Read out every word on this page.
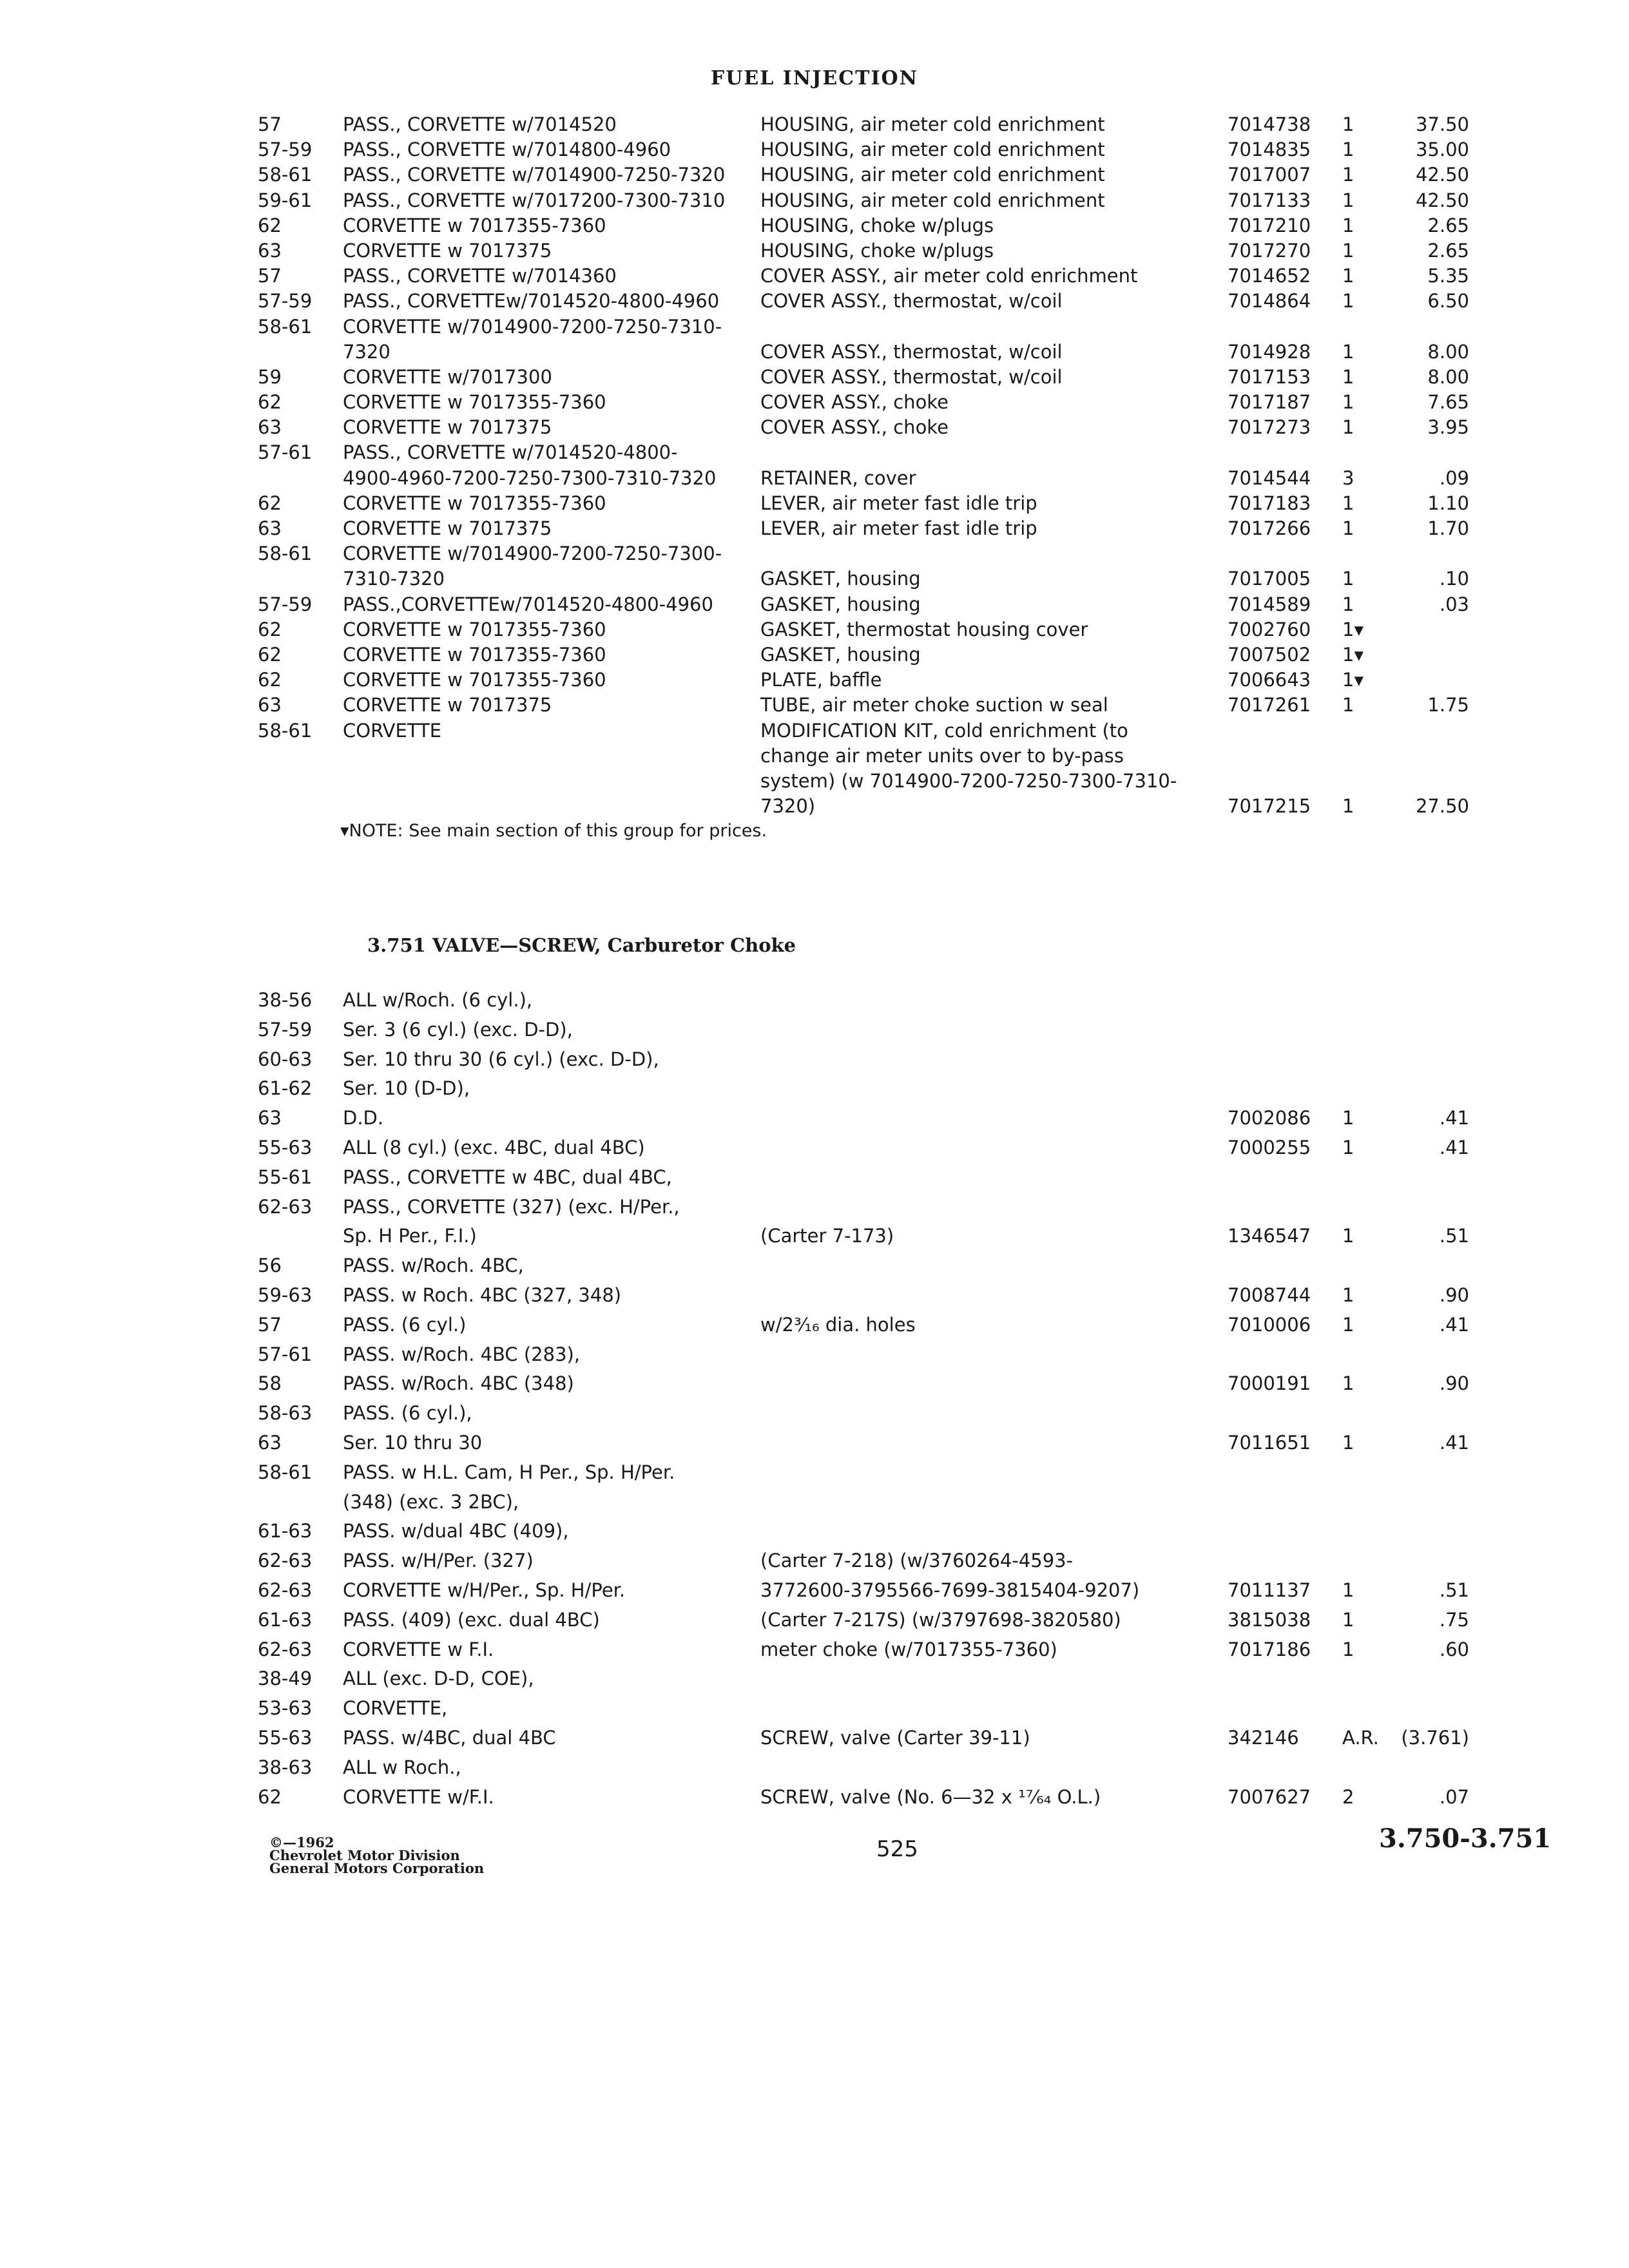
FUEL INJECTION
57	PASS., CORVETTE w/7014520	HOUSING, air meter cold enrichment	7014738 1	37.50
57-59 PASS., CORVETTE w/7014800-4960	HOUSING, air meter cold enrichment	7014835 1	35.00
58-61 PASS., CORVETTE w/7014900-7250-7320	HOUSING, air meter cold enrichment	7017007 1	42.50
59-61 PASS., CORVETTE w/7017200-7300-7310	HOUSING, air meter cold enrichment	7017133 1	42.50
62	CORVETTE w 7017355-7360	HOUSING, choke w/plugs	7017210 1	2.65
63	CORVETTE w 7017375	HOUSING, choke w/plugs	7017270 1	2.65
57	PASS., CORVETTE w/7014360	COVER ASSY., air meter cold enrichment	7014652 1	5.35
57-59 PASS., CORVETTEw/7014520-4800-4960	COVER ASSY., thermostat, w/coil	7014864 1	6.50
58-61 CORVETTE w/7014900-7200-7250-7310-
7320	COVER ASSY., thermostat, w/coil	7014928 1	8.00
59	CORVETTE w/7017300	COVER ASSY., thermostat, w/coil	7017153 1	8.00
62	CORVETTE w 7017355-7360	COVER ASSY., choke	7017187 1	7.65
63	CORVETTE w 7017375	COVER ASSY., choke	7017273 1	3.95
57-61 PASS., CORVETTE w/7014520-4800-
4900-4960-7200-7250-7300-7310-7320	RETAINER, cover	7014544 3	.09
62	CORVETTE w 7017355-7360	LEVER, air meter fast idle trip	7017183 1	1.10
63	CORVETTE w 7017375	LEVER, air meter fast idle trip	7017266 1	1.70
58-61 CORVETTE w/7014900-7200-7250-7300-
7310-7320	GASKET, housing	7017005 1	.10
57-59 PASS.,CORVETTEw/7014520-4800-4960	GASKET, housing	7014589 1	.03
62	CORVETTE w 7017355-7360	GASKET, thermostat housing cover	7002760 1▾
62	CORVETTE w 7017355-7360	GASKET, housing	7007502 1▾
62	CORVETTE w 7017355-7360	PLATE, baffle	7006643 1▾
63	CORVETTE w 7017375	TUBE, air meter choke suction w seal	7017261 1	1.75
58-61 CORVETTE	MODIFICATION KIT, cold enrichment (to
change air meter units over to by-pass
system) (w 7014900-7200-7250-7300-7310-
7320)	7017215 1	27.50
▾NOTE: See main section of this group for prices.
3.751 VALVE—SCREW, Carburetor Choke
38-56 ALL w/Roch. (6 cyl.),
57-59 Ser. 3 (6 cyl.) (exc. D-D),
60-63 Ser. 10 thru 30 (6 cyl.) (exc. D-D),
61-62 Ser. 10 (D-D),
63	D.D.	7002086 1	.41
55-63 ALL (8 cyl.) (exc. 4BC, dual 4BC)	7000255 1	.41
55-61 PASS., CORVETTE w 4BC, dual 4BC,
62-63 PASS., CORVETTE (327) (exc. H/Per.,
Sp. H Per., F.I.)	(Carter 7-173)	1346547 1	.51
56	PASS. w/Roch. 4BC,
59-63 PASS. w Roch. 4BC (327, 348)	7008744 1	.90
57	PASS. (6 cyl.)	w/2³⁄₁₆ dia. holes	7010006 1	.41
57-61 PASS. w/Roch. 4BC (283),
58	PASS. w/Roch. 4BC (348)	7000191 1	.90
58-63 PASS. (6 cyl.),
63	Ser. 10 thru 30	7011651 1	.41
58-61 PASS. w H.L. Cam, H Per., Sp. H/Per.
(348) (exc. 3 2BC),
61-63 PASS. w/dual 4BC (409),
62-63 PASS. w/H/Per. (327)	(Carter 7-218) (w/3760264-4593-
62-63 CORVETTE w/H/Per., Sp. H/Per.	3772600-3795566-7699-3815404-9207)	7011137 1	.51
61-63 PASS. (409) (exc. dual 4BC)	(Carter 7-217S) (w/3797698-3820580)	3815038 1	.75
62-63 CORVETTE w F.I.	meter choke (w/7017355-7360)	7017186 1	.60
38-49 ALL (exc. D-D, COE),
53-63 CORVETTE,
55-63 PASS. w/4BC, dual 4BC	SCREW, valve (Carter 39-11)	342146 A.R.	(3.761)
38-63 ALL w Roch.,
62	CORVETTE w/F.I.	SCREW, valve (No. 6—32 x ¹⁷⁄₆₄ O.L.)	7007627 2	.07
©—1962
Chevrolet Motor Division
General Motors Corporation
525	3.750-3.751
